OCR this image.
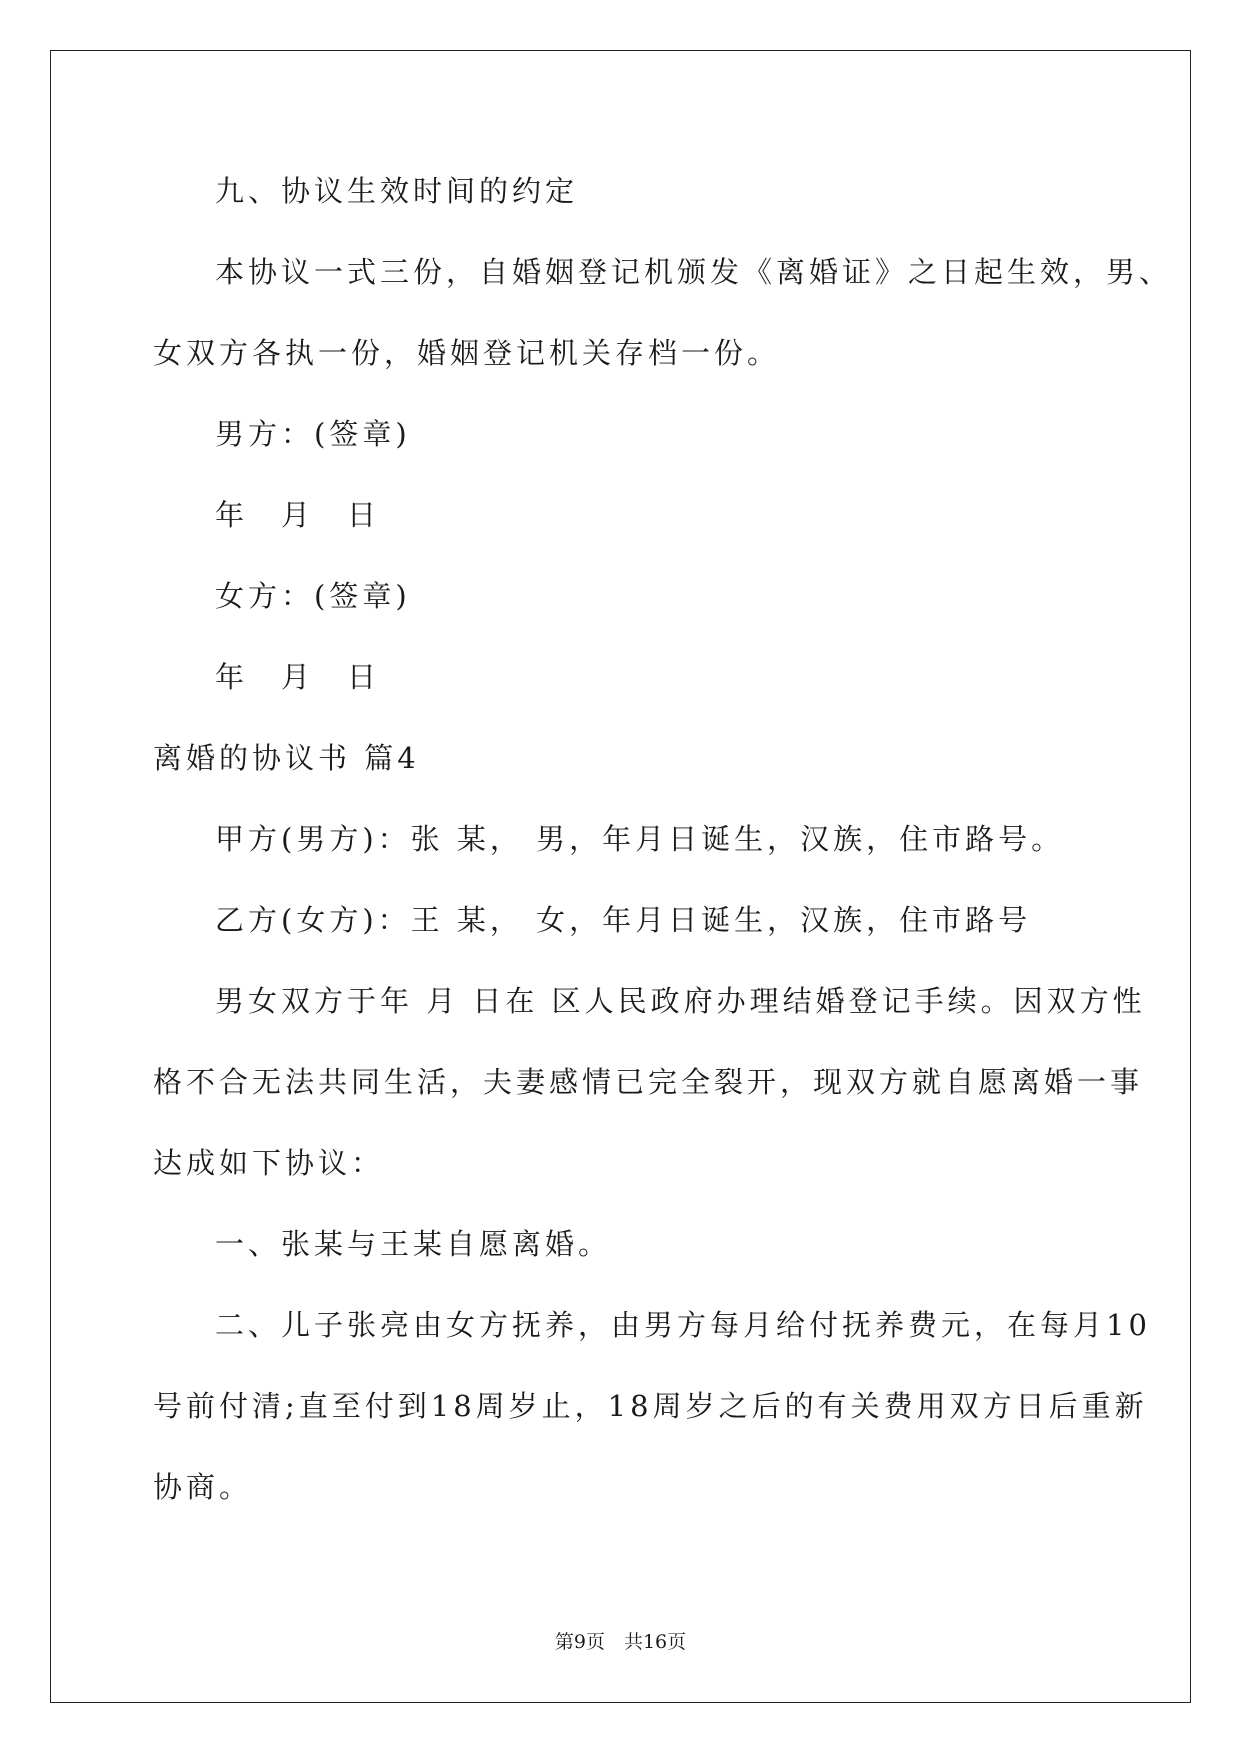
九、协议生效时间的约定
本协议一式三份，自婚姻登记机颁发《离婚证》之日起生效，男、
女双方各执一份，婚姻登记机关存档一份。
男方：(签章)
年　月　日
女方：(签章)
年　月　日
离婚的协议书 篇4
甲方(男方)：张 某， 男，年月日诞生，汉族，住市路号。
乙方(女方)：王 某， 女，年月日诞生，汉族，住市路号
男女双方于年 月 日在 区人民政府办理结婚登记手续。因双方性
格不合无法共同生活，夫妻感情已完全裂开，现双方就自愿离婚一事
达成如下协议：
一、张某与王某自愿离婚。
二、儿子张亮由女方抚养，由男方每月给付抚养费元，在每月10
号前付清;直至付到18周岁止，18周岁之后的有关费用双方日后重新
协商。
第9页　共16页
